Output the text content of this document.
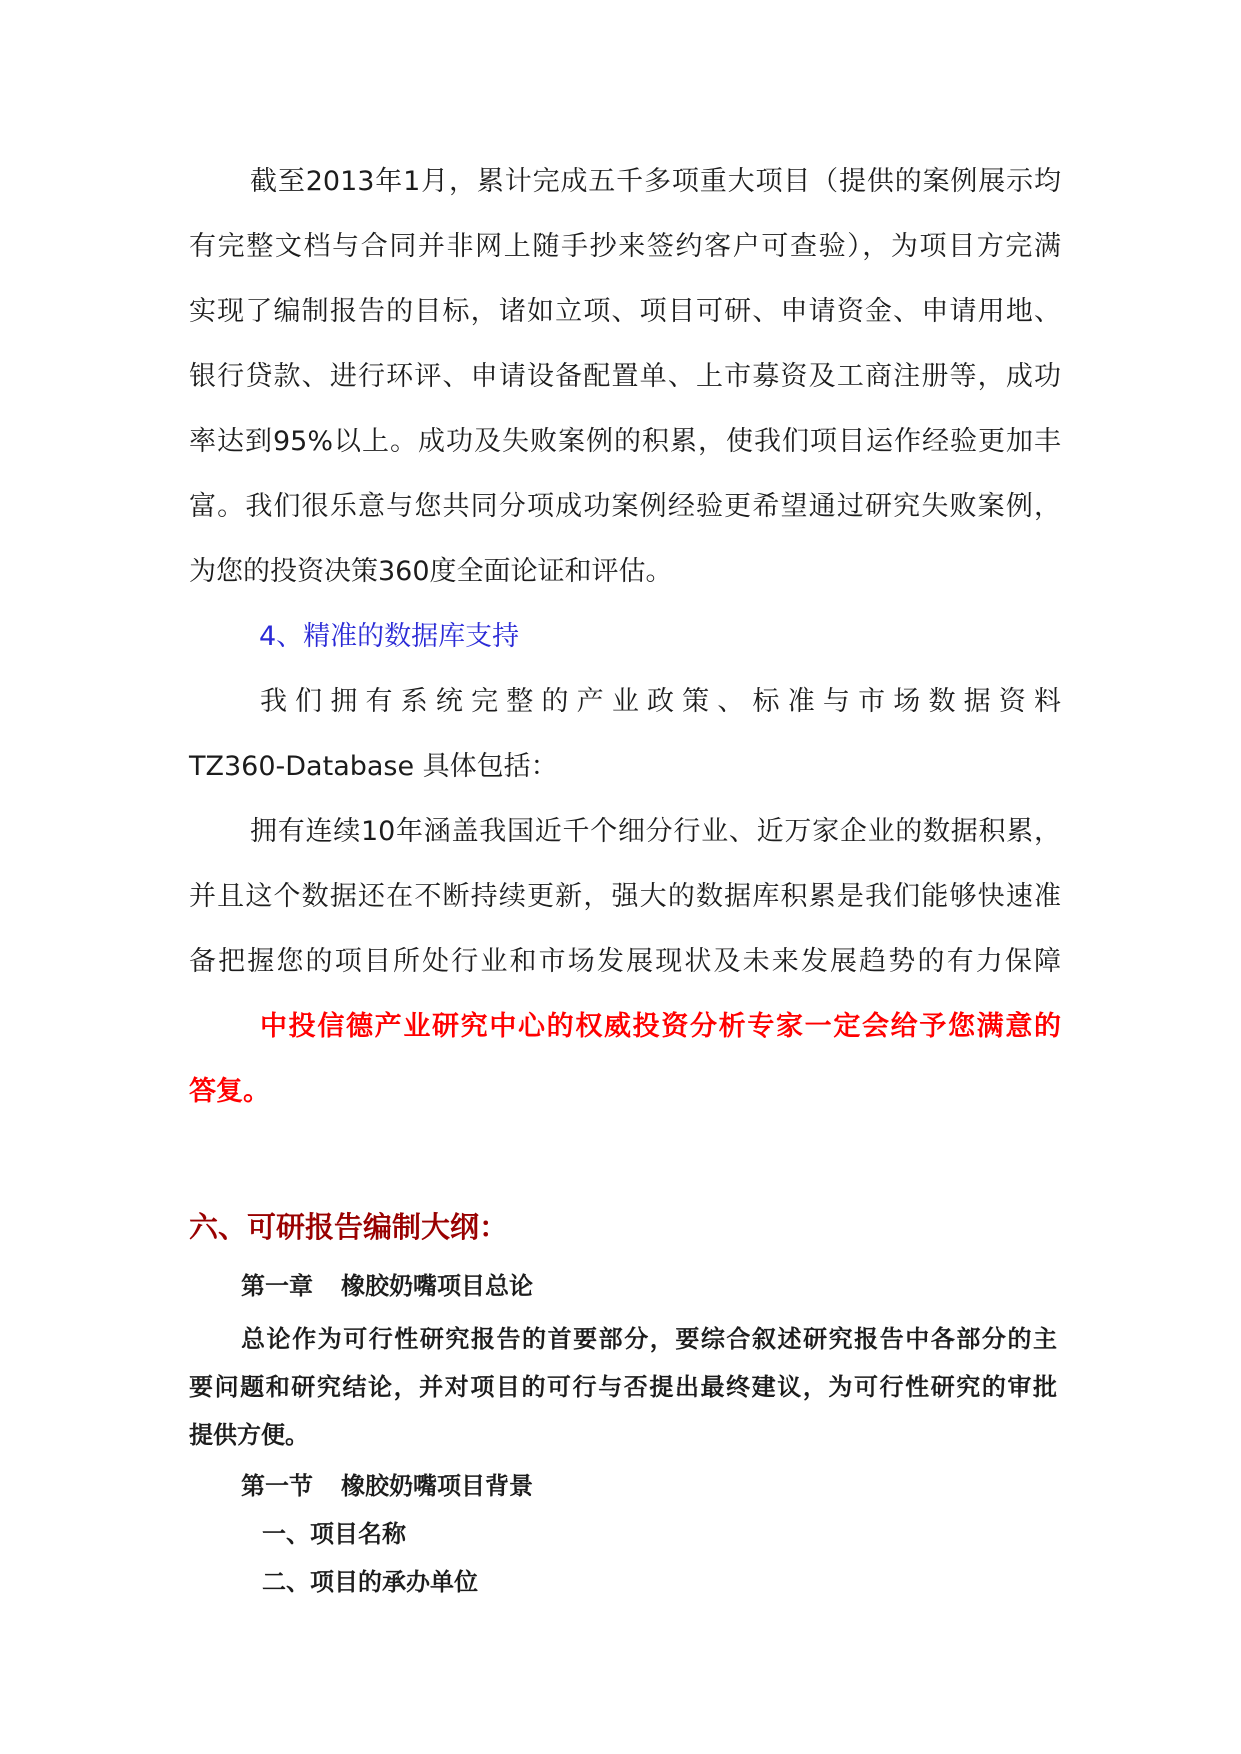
截至2013年1月，累计完成五千多项重大项目（提供的案例展示均
有完整文档与合同并非网上随手抄来签约客户可查验），为项目方完满
实现了编制报告的目标，诸如立项、项目可研、申请资金、申请用地、
银行贷款、进行环评、申请设备配置单、上市募资及工商注册等，成功
率达到95%以上。成功及失败案例的积累，使我们项目运作经验更加丰
富。我们很乐意与您共同分项成功案例经验更希望通过研究失败案例，
为您的投资决策360度全面论证和评估。
4、精准的数据库支持
我们拥有系统完整的产业政策、标准与市场数据资料
TZ360-Database 具体包括：
拥有连续10年涵盖我国近千个细分行业、近万家企业的数据积累，
并且这个数据还在不断持续更新，强大的数据库积累是我们能够快速准
备把握您的项目所处行业和市场发展现状及未来发展趋势的有力保障
中投信德产业研究中心的权威投资分析专家一定会给予您满意的
答复。
六、可研报告编制大纲：
第一章 橡胶奶嘴项目总论
总论作为可行性研究报告的首要部分，要综合叙述研究报告中各部分的主
要问题和研究结论，并对项目的可行与否提出最终建议，为可行性研究的审批
提供方便。
第一节 橡胶奶嘴项目背景
一、项目名称
二、项目的承办单位
